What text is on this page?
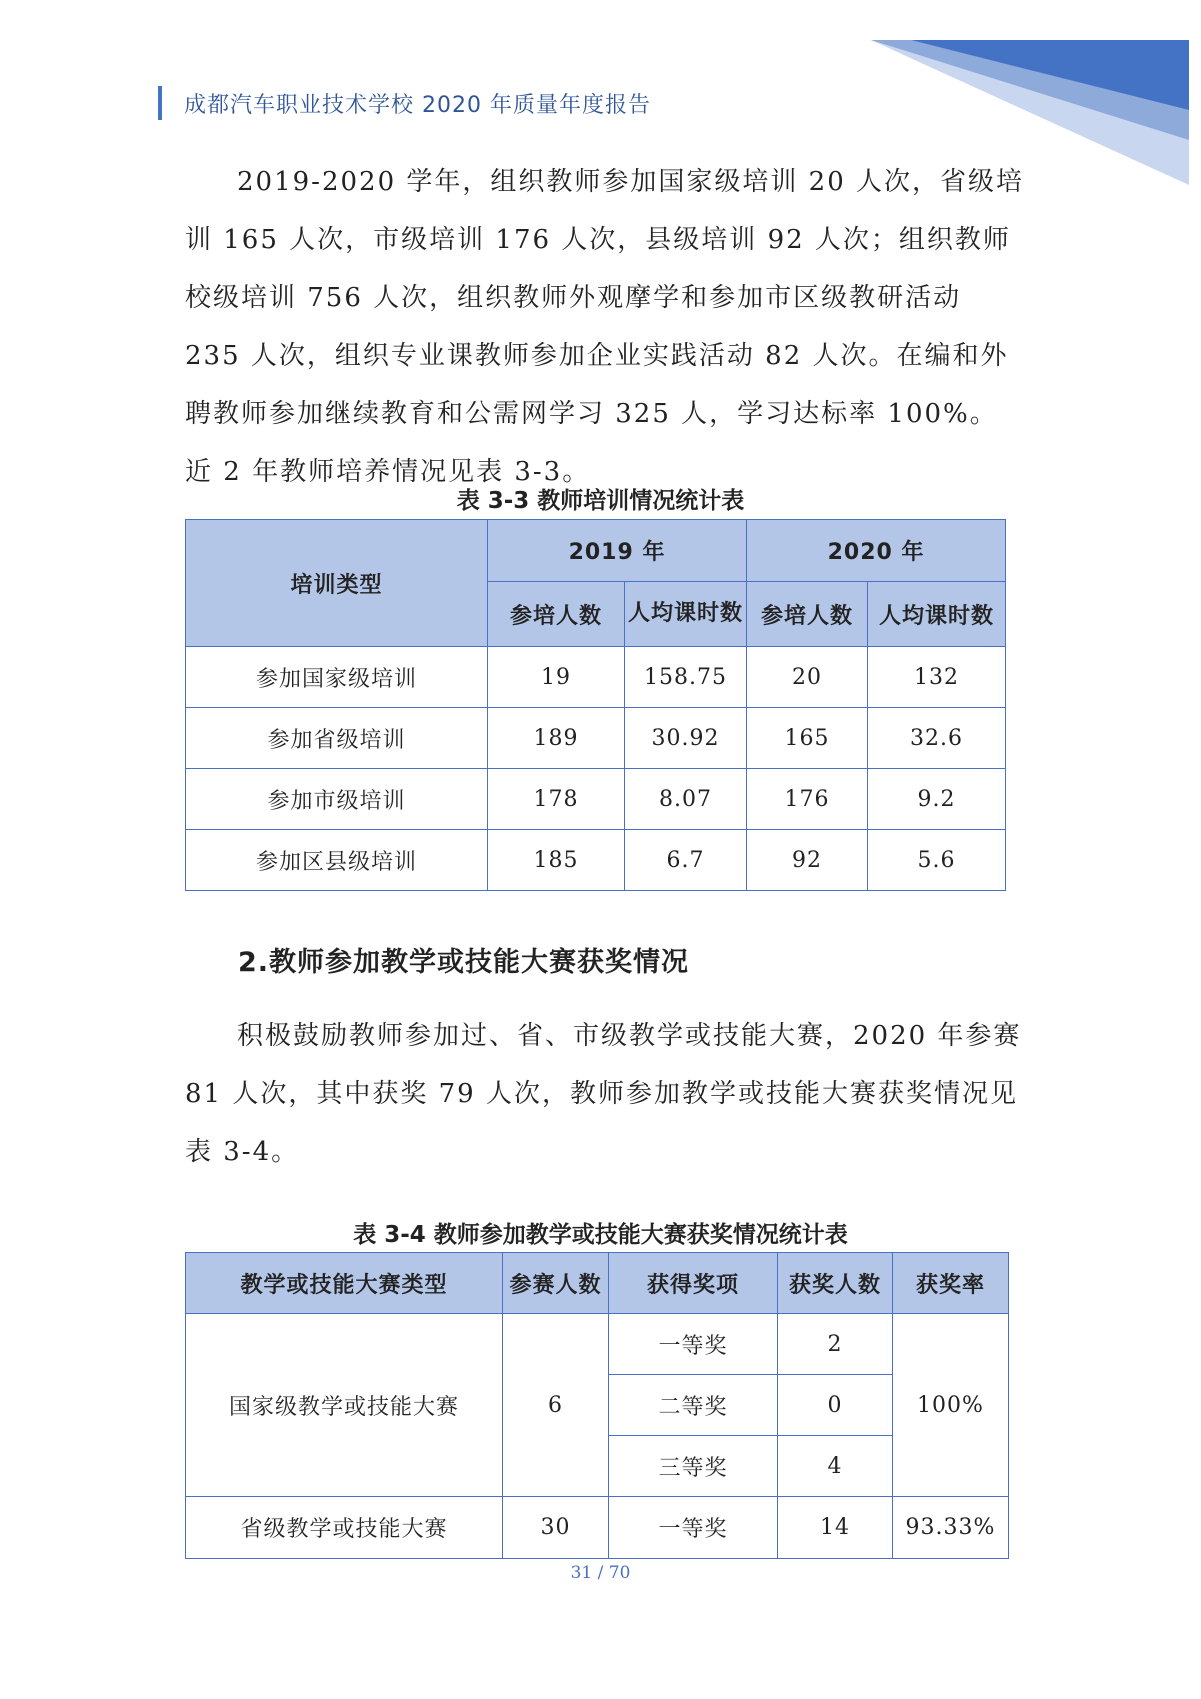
成都汽车职业技术学校 2020 年质量年度报告

2019-2020 学年，组织教师参加国家级培训 20 人次，省级培训 165 人次，市级培训 176 人次，县级培训 92 人次；组织教师校级培训 756 人次，组织教师外观摩学和参加市区级教研活动 235 人次，组织专业课教师参加企业实践活动 82 人次。在编和外聘教师参加继续教育和公需网学习 325 人，学习达标率 100%。近 2 年教师培养情况见表 3-3。

表 3-3 教师培训情况统计表
培训类型	2019 年		2020 年	
	参培人数	人均课时数	参培人数	人均课时数
参加国家级培训	19	158.75	20	132
参加省级培训	189	30.92	165	32.6
参加市级培训	178	8.07	176	9.2
参加区县级培训	185	6.7	92	5.6
2.教师参加教学或技能大赛获奖情况

积极鼓励教师参加过、省、市级教学或技能大赛，2020 年参赛 81 人次，其中获奖 79 人次，教师参加教学或技能大赛获奖情况见表 3-4。

表 3-4 教师参加教学或技能大赛获奖情况统计表
教学或技能大赛类型	参赛人数	获得奖项	获奖人数	获奖率
国家级教学或技能大赛	6	一等奖	2	100%
		二等奖	0	
		三等奖	4	
省级教学或技能大赛	30	一等奖	14	93.33%
31 / 70
